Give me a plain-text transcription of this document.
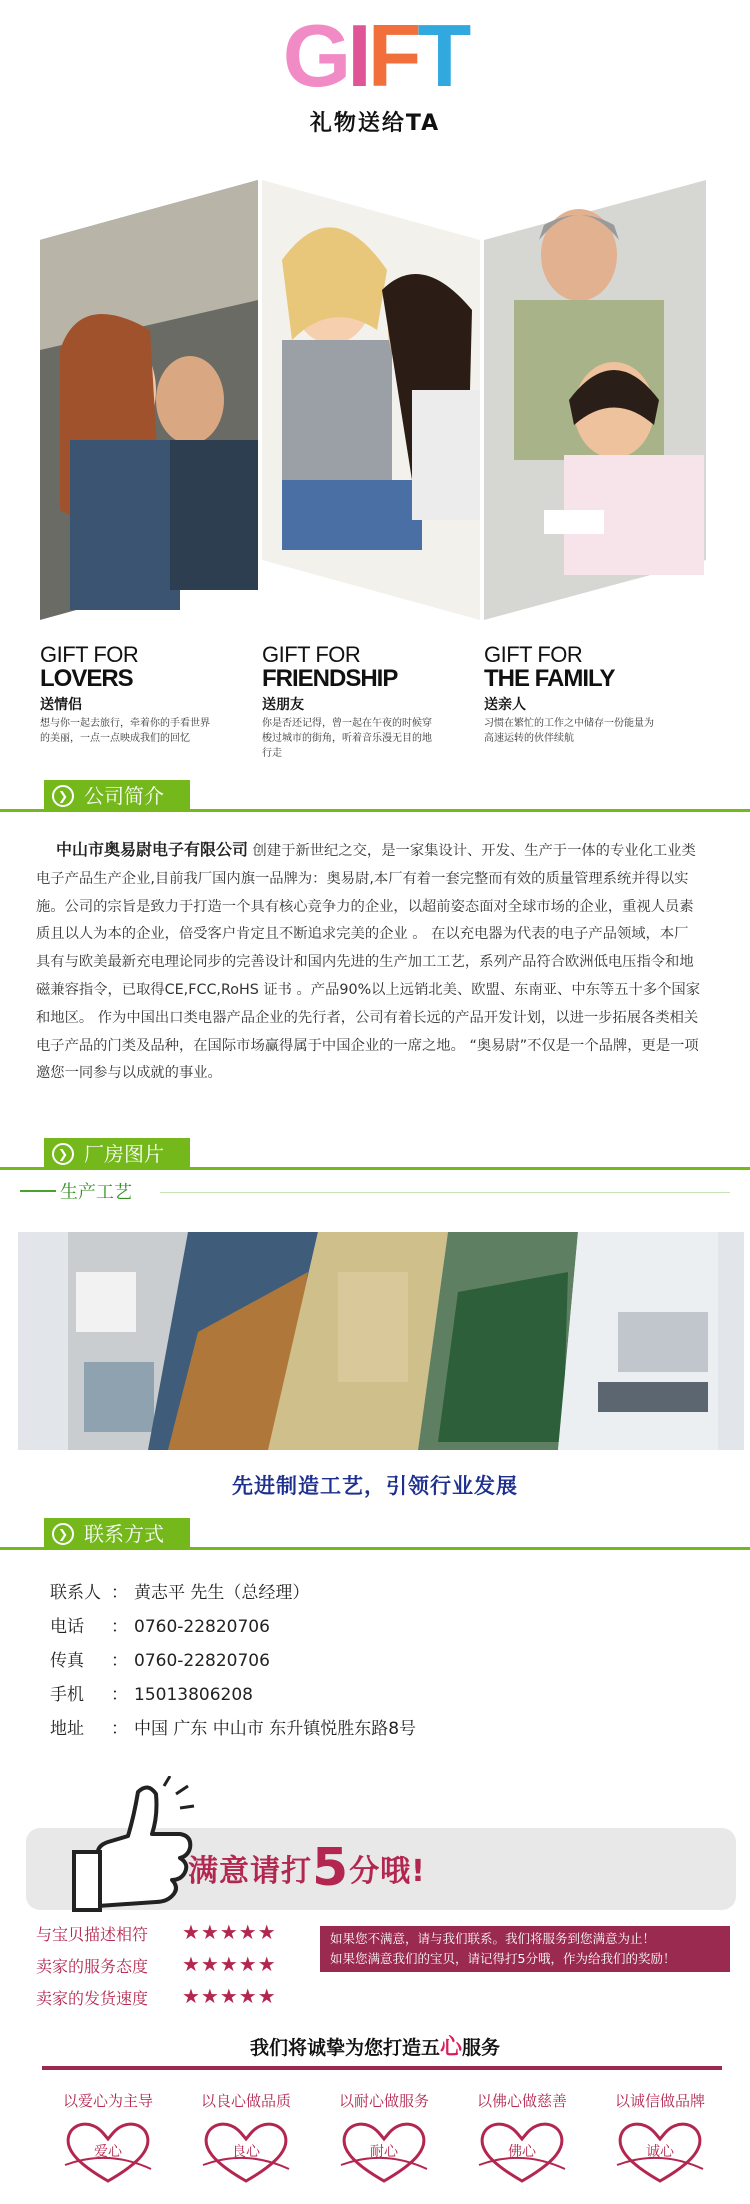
GIFT
礼物送给TA
GIFT FOR
LOVERS
送情侣
想与你一起去旅行，牵着你的手看世界的美丽，一点一点映成我们的回忆
GIFT FOR
FRIENDSHIP
送朋友
你是否还记得，曾一起在午夜的时候穿梭过城市的街角，听着音乐漫无目的地行走
GIFT FOR
THE FAMILY
送亲人
习惯在繁忙的工作之中储存一份能量为高速运转的伙伴续航
❯ 公司简介
中山市奥易尉电子有限公司 创建于新世纪之交，是一家集设计、开发、生产于一体的专业化工业类电子产品生产企业,目前我厂国内旗一品牌为：奥易尉,本厂有着一套完整而有效的质量管理系统并得以实施。公司的宗旨是致力于打造一个具有核心竞争力的企业，以超前姿态面对全球市场的企业，重视人员素质且以人为本的企业，倍受客户肯定且不断追求完美的企业 。 在以充电器为代表的电子产品领域，本厂具有与欧美最新充电理论同步的完善设计和国内先进的生产加工工艺，系列产品符合欧洲低电压指令和地磁兼容指令，已取得CE,FCC,RoHS 证书 。产品90%以上远销北美、欧盟、东南亚、中东等五十多个国家和地区。 作为中国出口类电器产品企业的先行者，公司有着长远的产品开发计划，以进一步拓展各类相关电子产品的门类及品种，在国际市场赢得属于中国企业的一席之地。 “奥易尉”不仅是一个品牌，更是一项邀您一同参与以成就的事业。
❯ 厂房图片
生产工艺
先进制造工艺，引领行业发展
❯ 联系方式
联系人 ： 黄志平 先生（总经理）
电话 ： 0760-22820706
传真 ： 0760-22820706
手机 ： 15013806208
地址 ： 中国 广东 中山市 东升镇悦胜东路8号
满意请打5分哦!
与宝贝描述相符 ★★★★★
卖家的服务态度 ★★★★★
卖家的发货速度 ★★★★★
如果您不满意，请与我们联系。我们将服务到您满意为止！
如果您满意我们的宝贝，请记得打5分哦，作为给我们的奖励！
我们将诚挚为您打造五心服务
以爱心为主导
爱心
以良心做品质
良心
以耐心做服务
耐心
以佛心做慈善
佛心
以诚信做品牌
诚心
